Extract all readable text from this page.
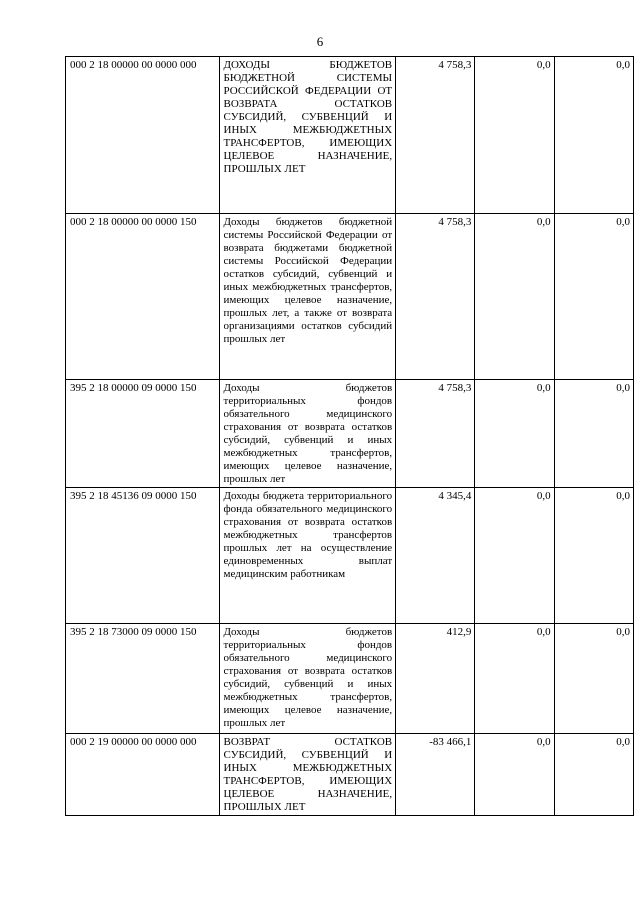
6
000 2 18 00000 00 0000 000	ДОХОДЫ БЮДЖЕТОВ БЮДЖЕТНОЙ СИСТЕМЫ РОССИЙСКОЙ ФЕДЕРАЦИИ ОТ ВОЗВРАТА ОСТАТКОВ СУБСИДИЙ, СУБВЕНЦИЙ И ИНЫХ МЕЖБЮДЖЕТНЫХ ТРАНСФЕРТОВ, ИМЕЮЩИХ ЦЕЛЕВОЕ НАЗНАЧЕНИЕ, ПРОШЛЫХ ЛЕТ	4 758,3	0,0	0,0
000 2 18 00000 00 0000 150	Доходы бюджетов бюджетной системы Российской Федерации от возврата бюджетами бюджетной системы Российской Федерации остатков субсидий, субвенций и иных межбюджетных трансфертов, имеющих целевое назначение, прошлых лет, а также от возврата организациями остатков субсидий прошлых лет	4 758,3	0,0	0,0
395 2 18 00000 09 0000 150	Доходы бюджетов территориальных фондов обязательного медицинского страхования от возврата остатков субсидий, субвенций и иных межбюджетных трансфертов, имеющих целевое назначение, прошлых лет	4 758,3	0,0	0,0
395 2 18 45136 09 0000 150	Доходы бюджета территориального фонда обязательного медицинского страхования от возврата остатков межбюджетных трансфертов прошлых лет на осуществление единовременных выплат медицинским работникам	4 345,4	0,0	0,0
395 2 18 73000 09 0000 150	Доходы бюджетов территориальных фондов обязательного медицинского страхования от возврата остатков субсидий, субвенций и иных межбюджетных трансфертов, имеющих целевое назначение, прошлых лет	412,9	0,0	0,0
000 2 19 00000 00 0000 000	ВОЗВРАТ ОСТАТКОВ СУБСИДИЙ, СУБВЕНЦИЙ И ИНЫХ МЕЖБЮДЖЕТНЫХ ТРАНСФЕРТОВ, ИМЕЮЩИХ ЦЕЛЕВОЕ НАЗНАЧЕНИЕ, ПРОШЛЫХ ЛЕТ	-83 466,1	0,0	0,0
